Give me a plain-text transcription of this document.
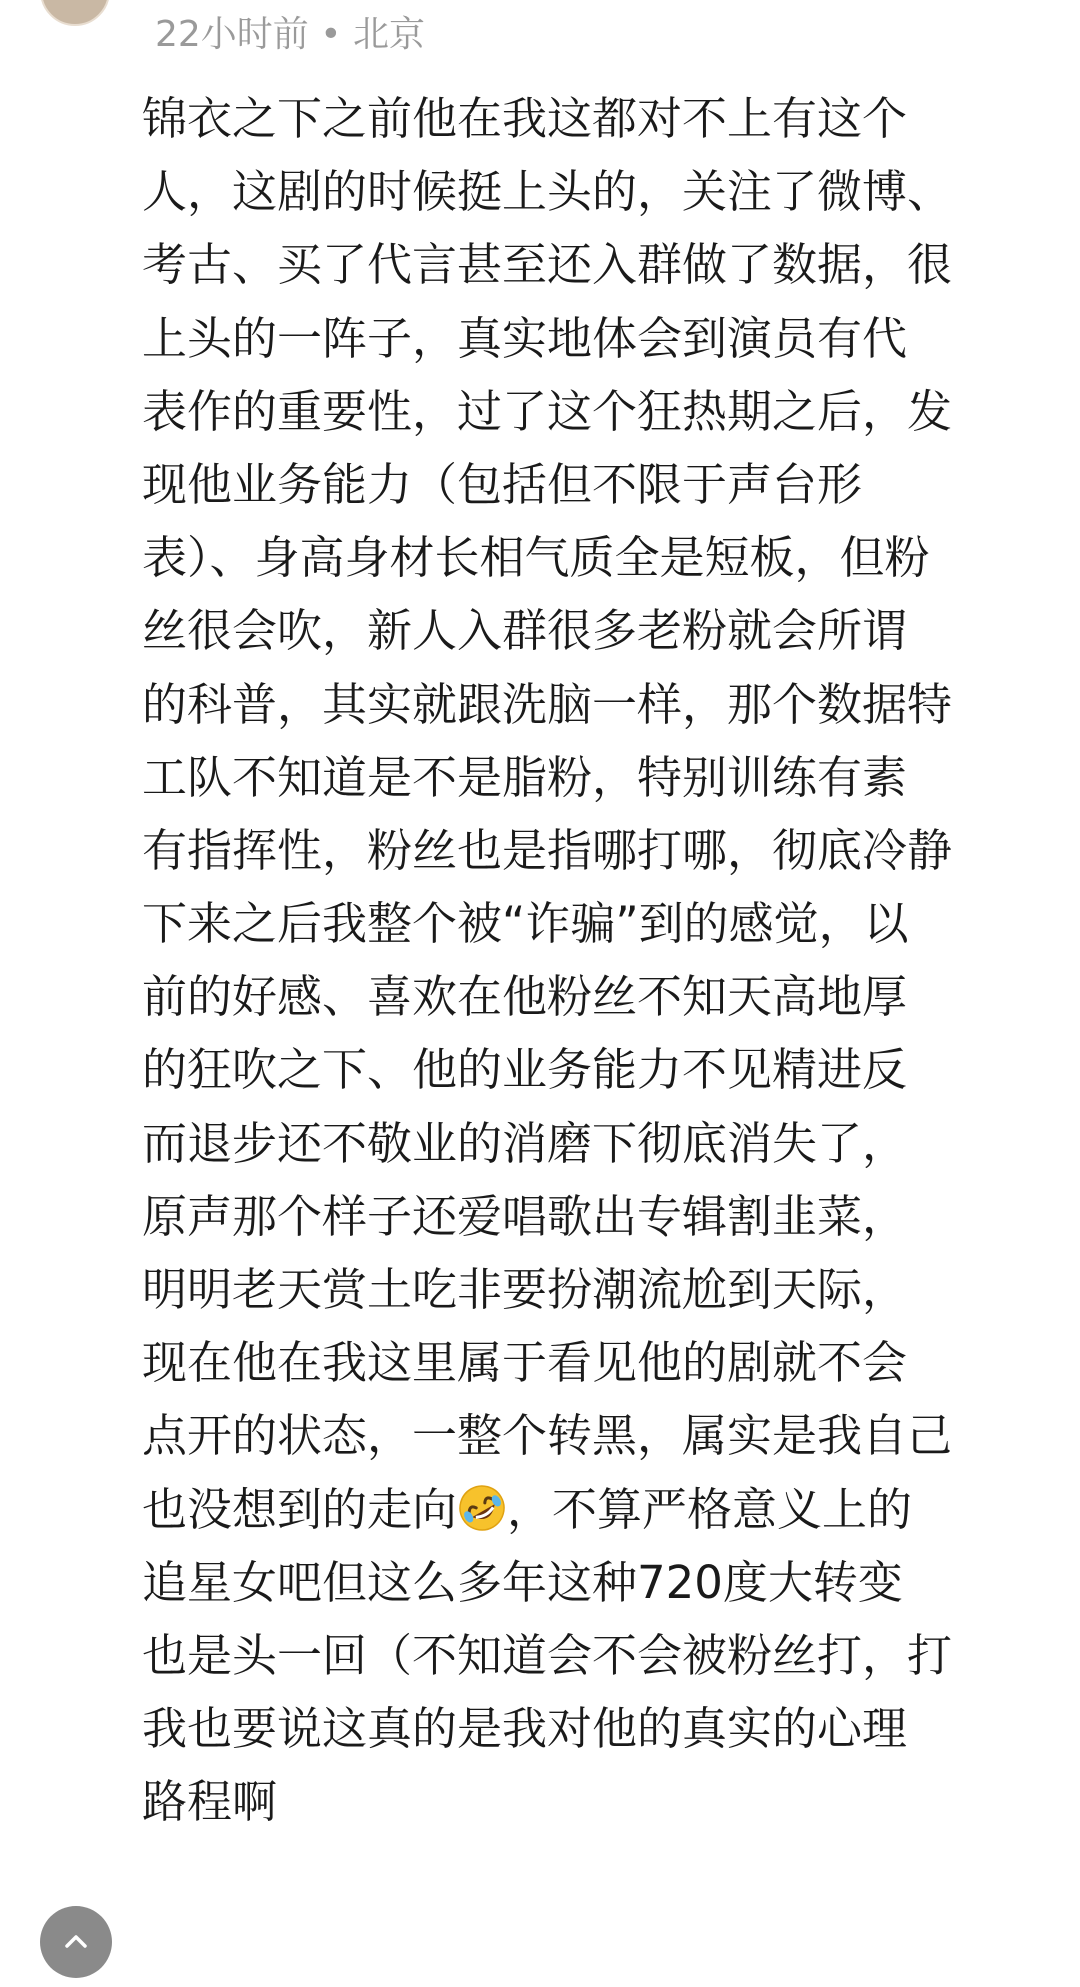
22小时前 • 北京
锦衣之下之前他在我这都对不上有这个
人，这剧的时候挺上头的，关注了微博、
考古、买了代言甚至还入群做了数据，很
上头的一阵子，真实地体会到演员有代
表作的重要性，过了这个狂热期之后，发
现他业务能力（包括但不限于声台形
表）、身高身材长相气质全是短板，但粉
丝很会吹，新人入群很多老粉就会所谓
的科普，其实就跟洗脑一样，那个数据特
工队不知道是不是脂粉，特别训练有素
有指挥性，粉丝也是指哪打哪，彻底冷静
下来之后我整个被“诈骗”到的感觉，以
前的好感、喜欢在他粉丝不知天高地厚
的狂吹之下、他的业务能力不见精进反
而退步还不敬业的消磨下彻底消失了，
原声那个样子还爱唱歌出专辑割韭菜，
明明老天赏土吃非要扮潮流尬到天际，
现在他在我这里属于看见他的剧就不会
点开的状态，一整个转黑，属实是我自己
也没想到的走向 ，不算严格意义上的
追星女吧但这么多年这种720度大转变
也是头一回（不知道会不会被粉丝打，打
我也要说这真的是我对他的真实的心理
路程啊
